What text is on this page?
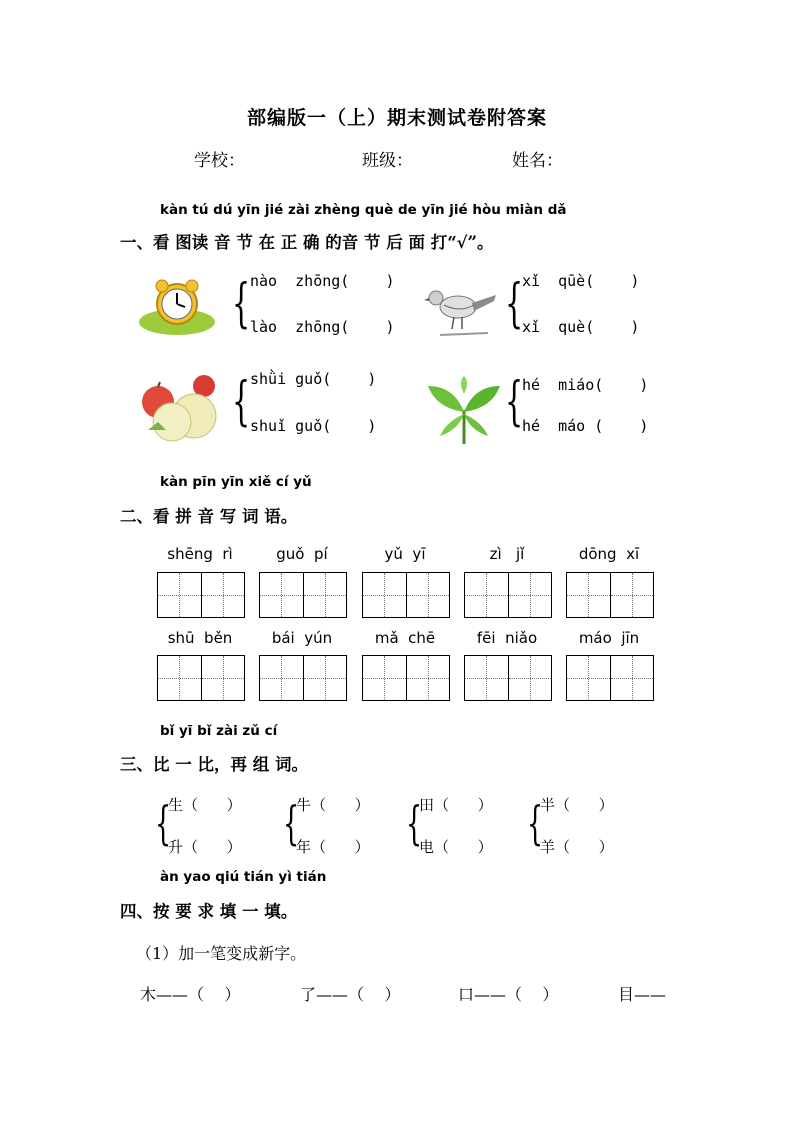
部编版一（上）期末测试卷附答案
学校：	班级：	姓名：
kàn tú dú yīn jié zài zhèng què de yīn jié hòu miàn dǎ
一、看 图读 音 节 在 正 确 的音 节 后 面 打“√”。
{ nào  zhōng(    )
lào  zhōng(    ) {
xǐ  qūè(    )
xǐ  què(    )
{ shǜi guǒ(    )
shuǐ guǒ(    ) {
hé  miáo(    )
hé  máo (    )
kàn pīn yīn xiě cí yǔ
二、看 拼 音 写 词 语。
shēng  rì	guǒ  pí	yǔ  yī	zì   jǐ	dōng  xī
shū  běn	bái  yún	mǎ  chē	fēi  niǎo	máo  jīn
bǐ yī bǐ zài zǔ cí
三、比 一 比，再 组 词。
{
生（      ）
升（      ） {
牛（      ）
年（      ） {
田（      ）
电（      ） {
半（      ）
羊（      ）
àn yao qiú tián yì tián
四、按 要 求 填 一 填。
（1）加一笔变成新字。
木——（    ）	了——（    ）	口——（    ）	目——
